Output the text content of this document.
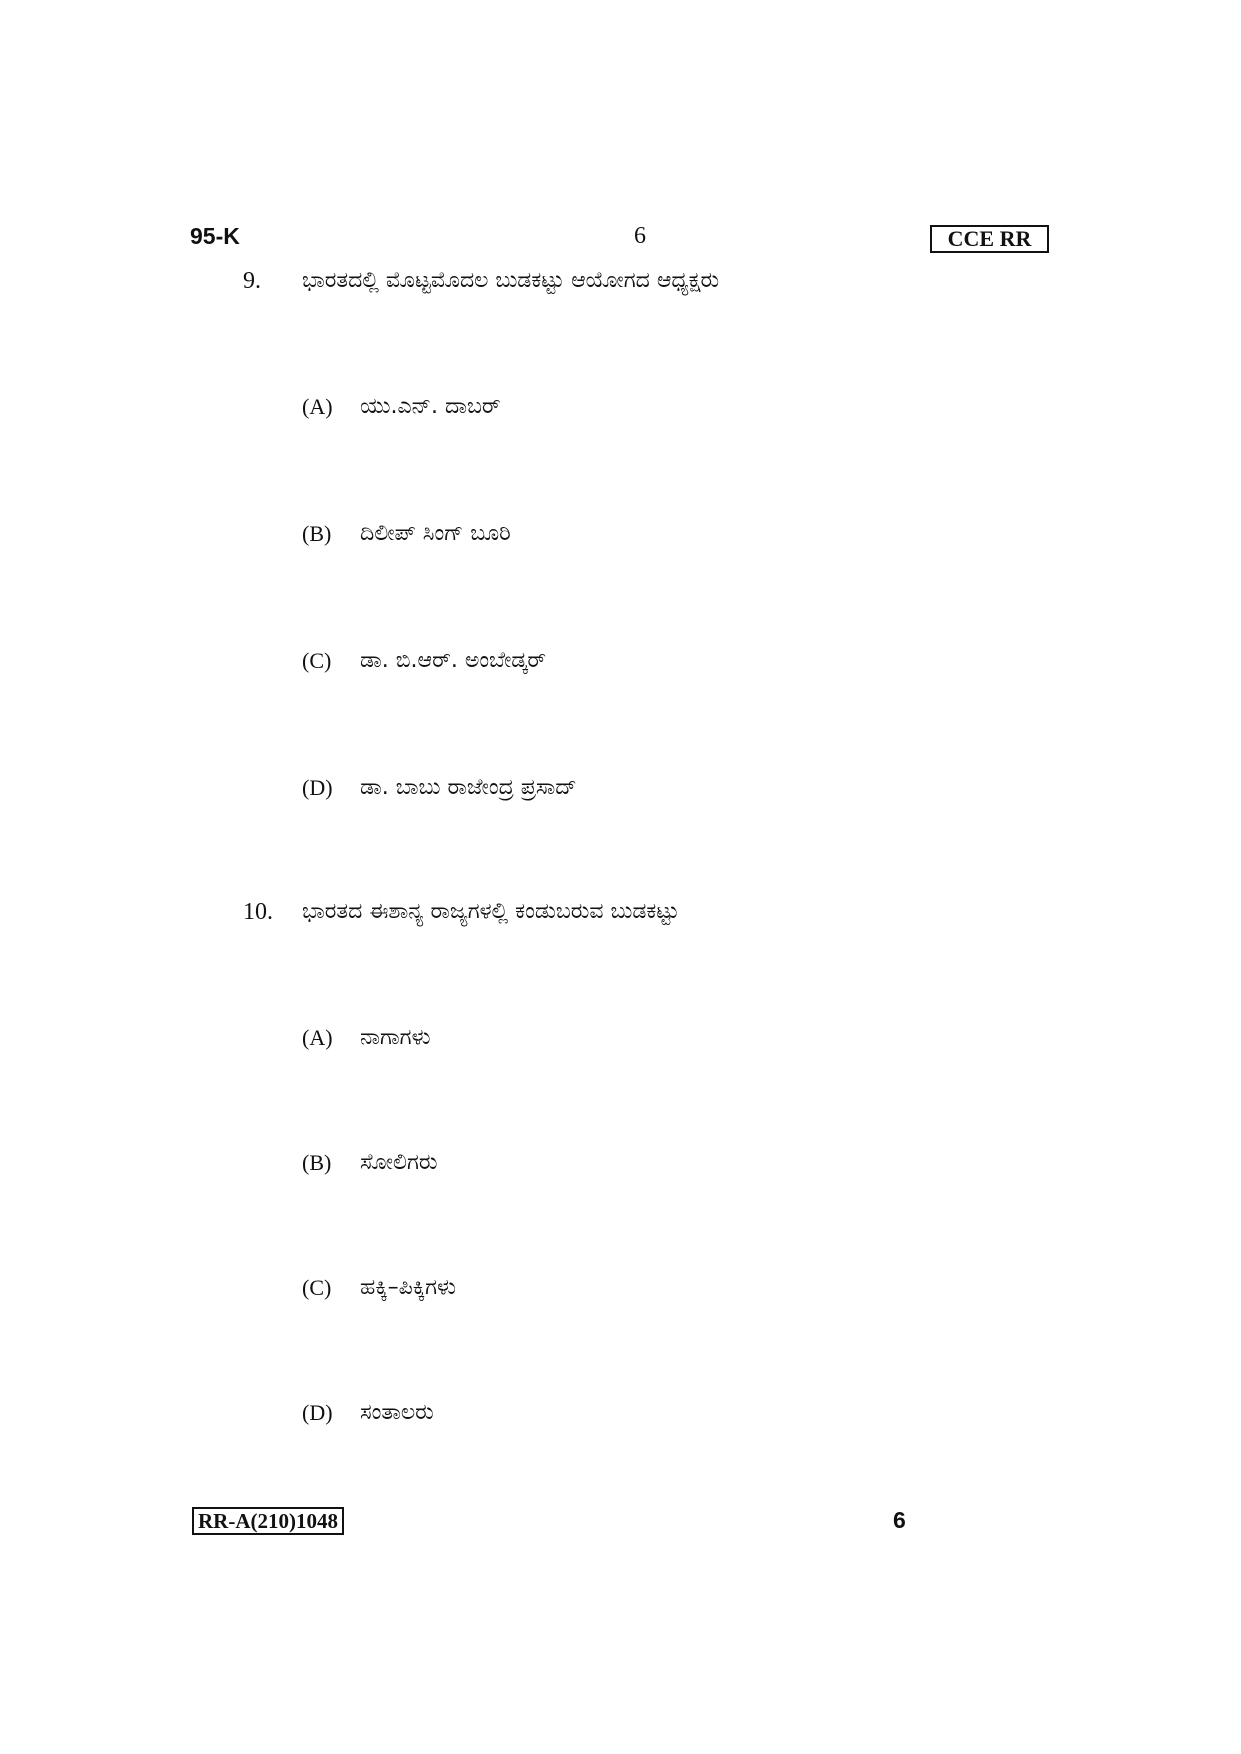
95-K	6	CCE RR
9. ಭಾರತದಲ್ಲಿ ಮೊಟ್ಟಮೊದಲ ಬುಡಕಟ್ಟು ಆಯೋಗದ ಆಧ್ಯಕ್ಷರು
(A) ಯು.ಎನ್. ದಾಬರ್
(B) ದಿಲೀಪ್ ಸಿಂಗ್ ಬೂರಿ
(C) ಡಾ. ಬಿ.ಆರ್. ಅಂಬೇಡ್ಕರ್
(D) ಡಾ. ಬಾಬು ರಾಜೇಂದ್ರ ಪ್ರಸಾದ್
10. ಭಾರತದ ಈಶಾನ್ಯ ರಾಜ್ಯಗಳಲ್ಲಿ ಕಂಡುಬರುವ ಬುಡಕಟ್ಟು
(A) ನಾಗಾಗಳು
(B) ಸೋಲಿಗರು
(C) ಹಕ್ಕಿ–ಪಿಕ್ಕಿಗಳು
(D) ಸಂತಾಲರು
RR-A(210)1048	6
